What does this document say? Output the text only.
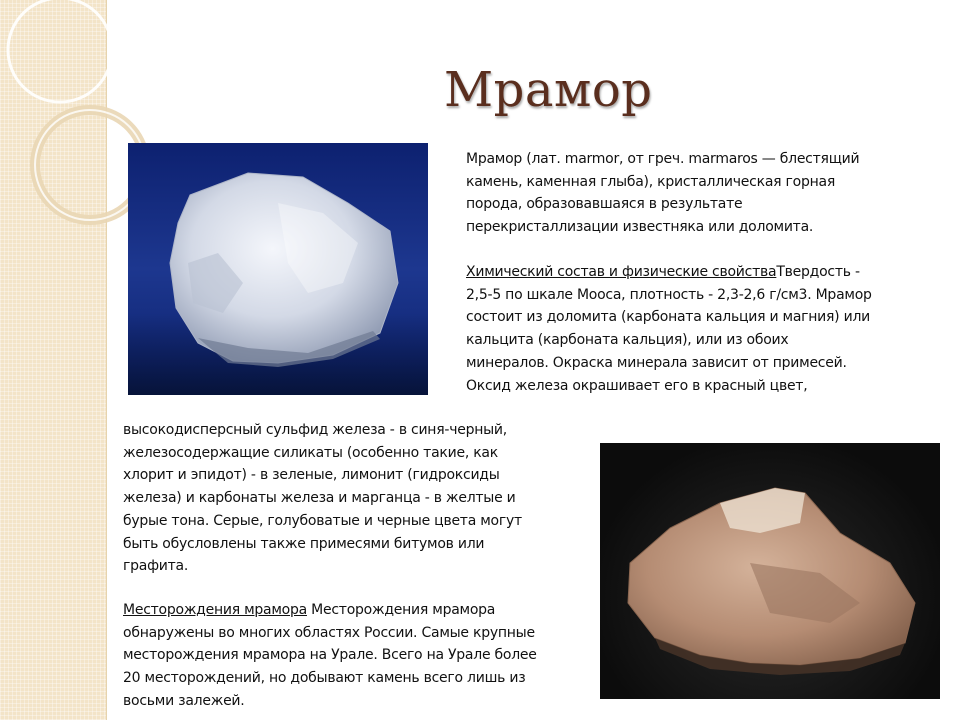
Мрамор

Мрамор (лат. marmor, от греч. marmaros — блестящий

камень, каменная глыба), кристаллическая горная

порода, образовавшаяся в результате

перекристаллизации известняка или доломита.

Химический состав и физические свойстваТвердость -

2,5-5 по шкале Мооса, плотность - 2,3-2,6 г/см3. Мрамор

состоит из доломита (карбоната кальция и магния) или

кальцита (карбоната кальция), или из обоих

минералов. Окраска минерала зависит от примесей.

Оксид железа окрашивает его в красный цвет,

высокодисперсный сульфид железа - в синя-черный,

железосодержащие силикаты (особенно такие, как

хлорит и эпидот) - в зеленые, лимонит (гидроксиды

железа) и карбонаты железа и марганца - в желтые и

бурые тона. Серые, голубоватые и черные цвета могут

быть обусловлены также примесями битумов или

графита.

Месторождения мрамора Месторождения мрамора

обнаружены во многих областях России. Самые крупные

месторождения мрамора на Урале. Всего на Урале более

20 месторождений, но добывают камень всего лишь из

восьми залежей.
